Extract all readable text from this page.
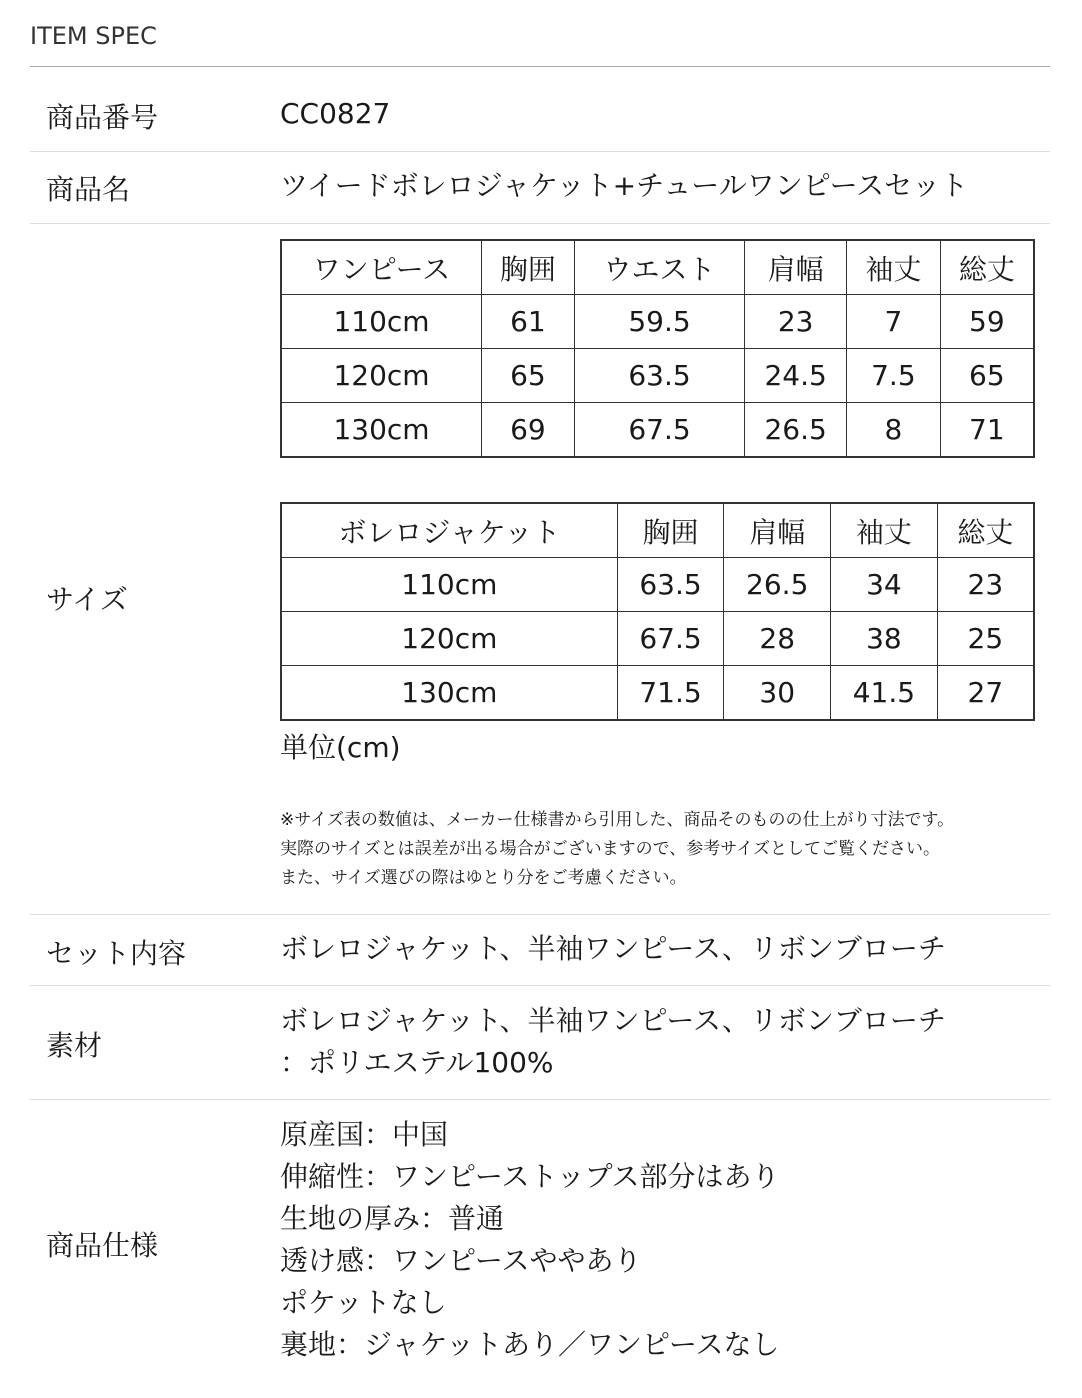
ITEM SPEC
商品番号	CC0827
商品名	ツイードボレロジャケット+チュールワンピースセット
サイズ
ワンピース	胸囲	ウエスト	肩幅	袖丈	総丈
110cm	61	59.5	23	7	59
120cm	65	63.5	24.5	7.5	65
130cm	69	67.5	26.5	8	71
ボレロジャケット	胸囲	肩幅	袖丈	総丈
110cm	63.5	26.5	34	23
120cm	67.5	28	38	25
130cm	71.5	30	41.5	27
単位(cm)
※サイズ表の数値は、メーカー仕様書から引用した、商品そのものの仕上がり寸法です。
実際のサイズとは誤差が出る場合がございますので、参考サイズとしてご覧ください。
また、サイズ選びの際はゆとり分をご考慮ください。
セット内容	ボレロジャケット、半袖ワンピース、リボンブローチ
素材
ボレロジャケット、半袖ワンピース、リボンブローチ
：ポリエステル100%
商品仕様
原産国：中国
伸縮性：ワンピーストップス部分はあり
生地の厚み：普通
透け感：ワンピースややあり
ポケットなし
裏地：ジャケットあり／ワンピースなし
